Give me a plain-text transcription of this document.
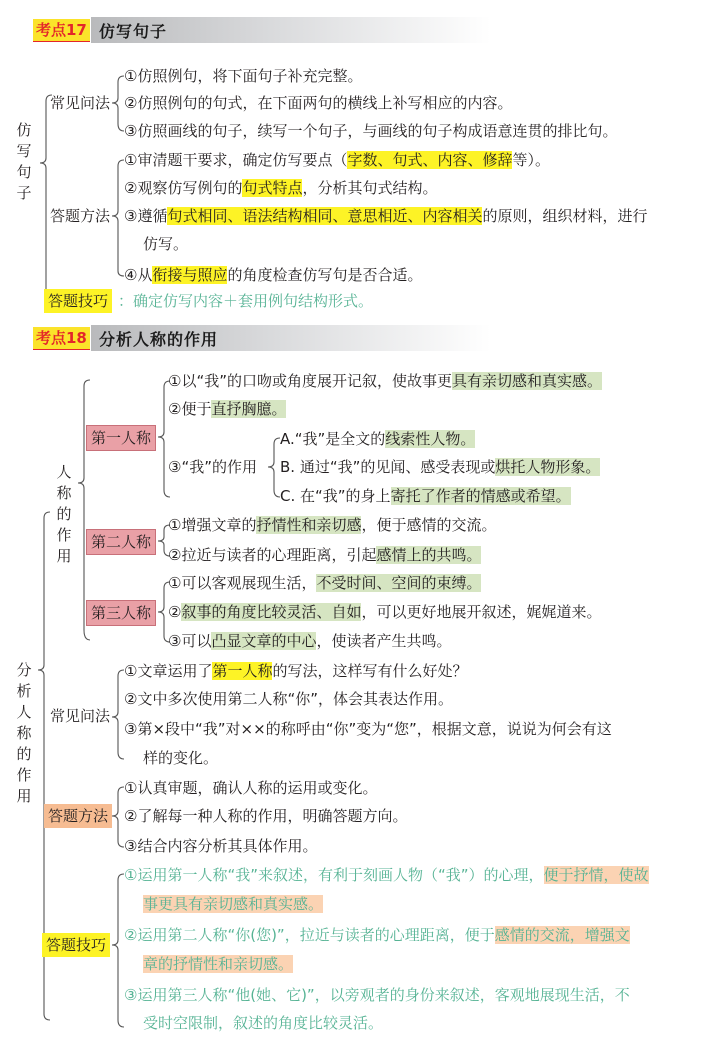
考点17 仿写句子
仿写句子
常见问法
①仿照例句，将下面句子补充完整。
②仿照例句的句式，在下面两句的横线上补写相应的内容。
③仿照画线的句子，续写一个句子，与画线的句子构成语意连贯的排比句。
答题方法
①审清题干要求，确定仿写要点（字数、句式、内容、修辞等）。
②观察仿写例句的句式特点，分析其句式结构。
③遵循句式相同、语法结构相同、意思相近、内容相关的原则，组织材料，进行
仿写。
④从衔接与照应的角度检查仿写句是否合适。
答题技巧 ：确定仿写内容＋套用例句结构形式。
考点18 分析人称的作用
分析人称的作用
人称的作用
第一人称
①以“我”的口吻或角度展开记叙，使故事更具有亲切感和真实感。
②便于直抒胸臆。
③“我”的作用
A.“我”是全文的线索性人物。
B. 通过“我”的见闻、感受表现或烘托人物形象。
C. 在“我”的身上寄托了作者的情感或希望。
第二人称
①增强文章的抒情性和亲切感，便于感情的交流。
②拉近与读者的心理距离，引起感情上的共鸣。
第三人称
①可以客观展现生活，不受时间、空间的束缚。
②叙事的角度比较灵活、自如，可以更好地展开叙述，娓娓道来。
③可以凸显文章的中心，使读者产生共鸣。
常见问法
①文章运用了第一人称的写法，这样写有什么好处？
②文中多次使用第二人称“你”，体会其表达作用。
③第×段中“我”对××的称呼由“你”变为“您”，根据文意，说说为何会有这
样的变化。
答题方法
①认真审题，确认人称的运用或变化。
②了解每一种人称的作用，明确答题方向。
③结合内容分析其具体作用。
答题技巧
①运用第一人称“我”来叙述，有利于刻画人物（“我”）的心理，便于抒情，使故
事更具有亲切感和真实感。
②运用第二人称“你(您)”，拉近与读者的心理距离，便于感情的交流，增强文
章的抒情性和亲切感。
③运用第三人称“他(她、它)”，以旁观者的身份来叙述，客观地展现生活，不
受时空限制，叙述的角度比较灵活。
